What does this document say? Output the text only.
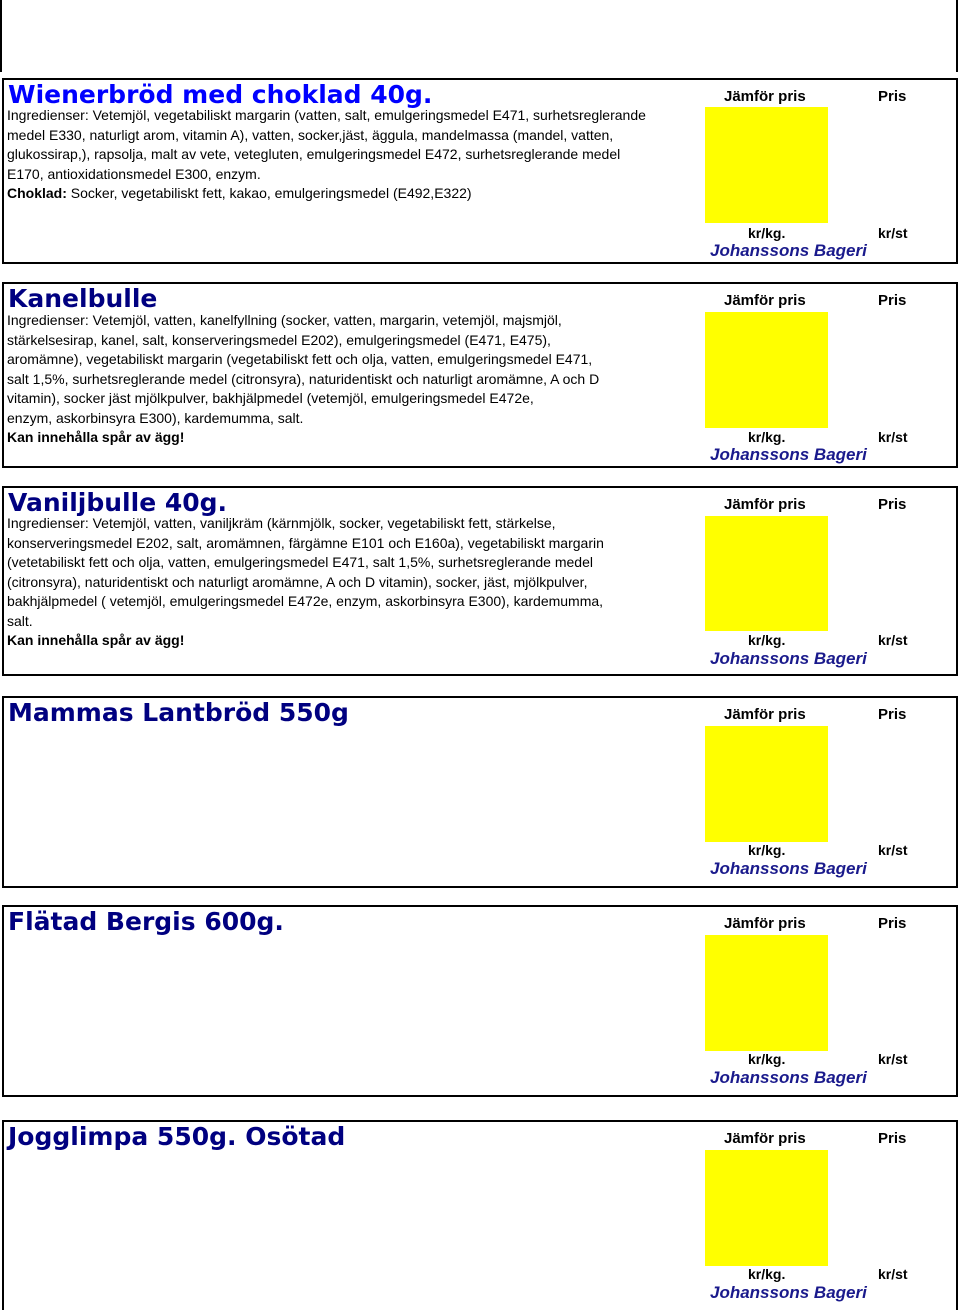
Wienerbröd med choklad 40g.
Ingredienser: Vetemjöl, vegetabiliskt margarin (vatten, salt, emulgeringsmedel E471, surhetsreglerande
medel E330, naturligt arom, vitamin A), vatten, socker,jäst, äggula, mandelmassa (mandel, vatten,
glukossirap,), rapsolja, malt av vete, vetegluten, emulgeringsmedel E472, surhetsreglerande medel
E170, antioxidationsmedel E300, enzym.
Choklad: Socker, vegetabiliskt fett, kakao, emulgeringsmedel (E492,E322)
Jämför pris	Pris
kr/kg.	kr/st
Johanssons Bageri
Kanelbulle
Ingredienser: Vetemjöl, vatten, kanelfyllning (socker, vatten, margarin, vetemjöl, majsmjöl,
stärkelsesirap, kanel, salt, konserveringsmedel E202), emulgeringsmedel (E471, E475),
aromämne), vegetabiliskt margarin (vegetabiliskt fett och olja, vatten, emulgeringsmedel E471,
salt 1,5%, surhetsreglerande medel (citronsyra), naturidentiskt och naturligt aromämne, A och D
vitamin), socker jäst mjölkpulver, bakhjälpmedel (vetemjöl, emulgeringsmedel E472e,
enzym, askorbinsyra E300), kardemumma, salt.
Kan innehålla spår av ägg!
Jämför pris	Pris
kr/kg.	kr/st
Johanssons Bageri
Vaniljbulle 40g.
Ingredienser: Vetemjöl, vatten, vaniljkräm (kärnmjölk, socker, vegetabiliskt fett, stärkelse,
konserveringsmedel E202, salt, aromämnen, färgämne E101 och E160a), vegetabiliskt margarin
(vetetabiliskt fett och olja, vatten, emulgeringsmedel E471, salt 1,5%, surhetsreglerande medel
(citronsyra), naturidentiskt och naturligt aromämne, A och D vitamin), socker, jäst, mjölkpulver,
bakhjälpmedel ( vetemjöl, emulgeringsmedel E472e, enzym, askorbinsyra E300), kardemumma,
salt.
Kan innehålla spår av ägg!
Jämför pris	Pris
kr/kg.	kr/st
Johanssons Bageri
Mammas Lantbröd 550g	Jämför pris	Pris
kr/kg.	kr/st
Johanssons Bageri
Flätad Bergis 600g.	Jämför pris	Pris
kr/kg.	kr/st
Johanssons Bageri
Jogglimpa 550g. Osötad	Jämför pris	Pris
kr/kg.	kr/st
Johanssons Bageri
